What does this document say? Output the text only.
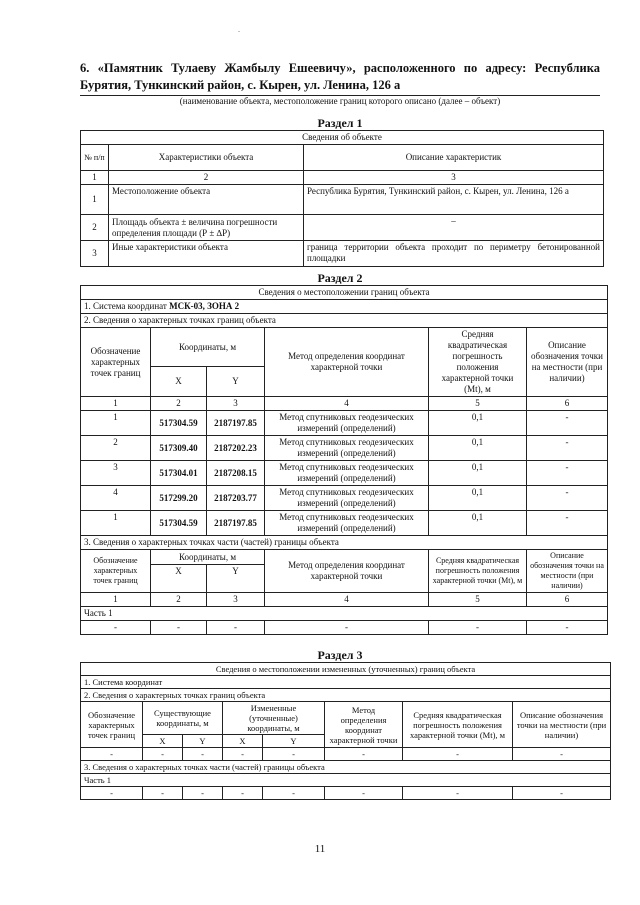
.
6. «Памятник Тулаеву Жамбылу Ешеевичу», расположенного по адресу: Республика Бурятия, Тункинский район, с. Кырен, ул. Ленина, 126 а
(наименование объекта, местоположение границ которого описано (далее – объект)
Раздел 1
Сведения об объекте		
№ п/п	Характеристики объекта	Описание характеристик
1	2	3
1	Местоположение объекта	Республика Бурятия, Тункинский район, с. Кырен, ул. Ленина, 126 а
2	Площадь объекта ± величина погрешности определения площади (Р ± ∆Р)	–
3	Иные характеристики объекта	граница территории объекта проходит по периметру бетонированной площадки
Раздел 2
Сведения о местоположении границ объекта					
1. Система координат МСК-03, ЗОНА 2					
2. Сведения о характерных точках границ объекта					
Обозначение характерных точек границ	Координаты, м		Метод определения координат характерной точки	Средняя квадратическая погрешность положения характерной точки (Mt), м	Описание обозначения точки на местности (при наличии)
	X	Y			
1	2	3	4	5	6
1	517304.59	2187197.85	Метод спутниковых геодезических измерений (определений)	0,1	-
2	517309.40	2187202.23	Метод спутниковых геодезических измерений (определений)	0,1	-
3	517304.01	2187208.15	Метод спутниковых геодезических измерений (определений)	0,1	-
4	517299.20	2187203.77	Метод спутниковых геодезических измерений (определений)	0,1	-
1	517304.59	2187197.85	Метод спутниковых геодезических измерений (определений)	0,1	-
3. Сведения о характерных точках части (частей) границы объекта					
Обозначение характерных точек границ	Координаты, м		Метод определения координат характерной точки	Средняя квадратическая погрешность положения характерной точки (Mt), м	Описание обозначения точки на местности (при наличии)
	X	Y			
1	2	3	4	5	6
Часть 1					
-	-	-	-	-	-
Раздел 3
Сведения о местоположении измененных (уточненных) границ объекта							
1. Система координат							
2. Сведения о характерных точках границ объекта							
Обозначение характерных точек границ	Существующие координаты, м		Измененные (уточненные) координаты, м		Метод определения координат характерной точки	Средняя квадратическая погрешность положения характерной точки (Mt), м	Описание обозначения точки на местности (при наличии)
	X	Y	X	Y			
-	-	-	-	-	-	-	-
3. Сведения о характерных точках части (частей) границы объекта							
Часть 1							
-	-	-	-	-	-	-	-
11
